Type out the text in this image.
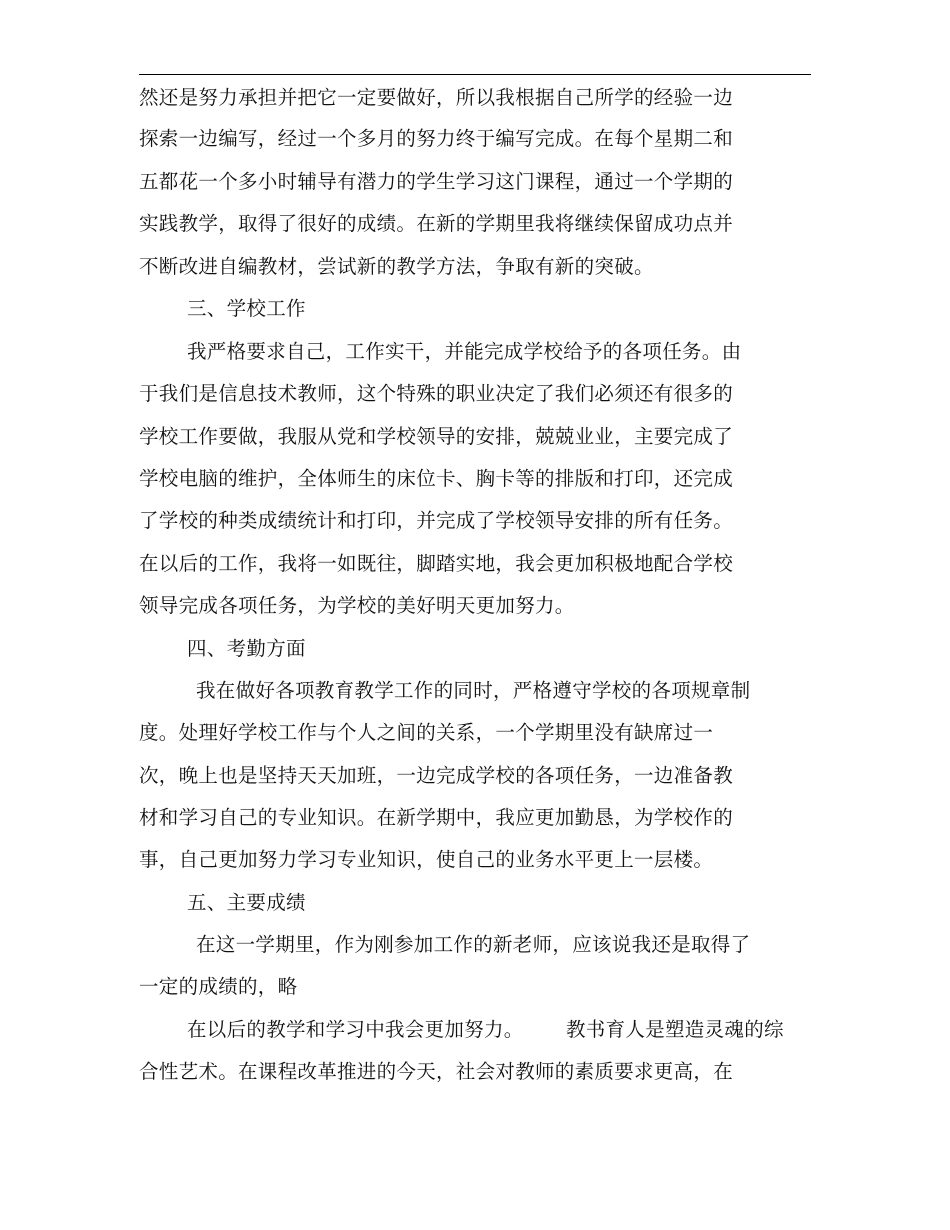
然还是努力承担并把它一定要做好，所以我根据自己所学的经验一边
探索一边编写，经过一个多月的努力终于编写完成。在每个星期二和
五都花一个多小时辅导有潜力的学生学习这门课程，通过一个学期的
实践教学，取得了很好的成绩。在新的学期里我将继续保留成功点并
不断改进自编教材，尝试新的教学方法，争取有新的突破。
三、学校工作
我严格要求自己，工作实干，并能完成学校给予的各项任务。由
于我们是信息技术教师，这个特殊的职业决定了我们必须还有很多的
学校工作要做，我服从党和学校领导的安排，兢兢业业，主要完成了
学校电脑的维护，全体师生的床位卡、胸卡等的排版和打印，还完成
了学校的种类成绩统计和打印，并完成了学校领导安排的所有任务。
在以后的工作，我将一如既往，脚踏实地，我会更加积极地配合学校
领导完成各项任务，为学校的美好明天更加努力。
四、考勤方面
我在做好各项教育教学工作的同时，严格遵守学校的各项规章制
度。处理好学校工作与个人之间的关系，一个学期里没有缺席过一
次，晚上也是坚持天天加班，一边完成学校的各项任务，一边准备教
材和学习自己的专业知识。在新学期中，我应更加勤恳，为学校作的
事，自己更加努力学习专业知识，使自己的业务水平更上一层楼。
五、主要成绩
在这一学期里，作为刚参加工作的新老师，应该说我还是取得了
一定的成绩的，略
在以后的教学和学习中我会更加努力。 教书育人是塑造灵魂的综
合性艺术。在课程改革推进的今天，社会对教师的素质要求更高，在
